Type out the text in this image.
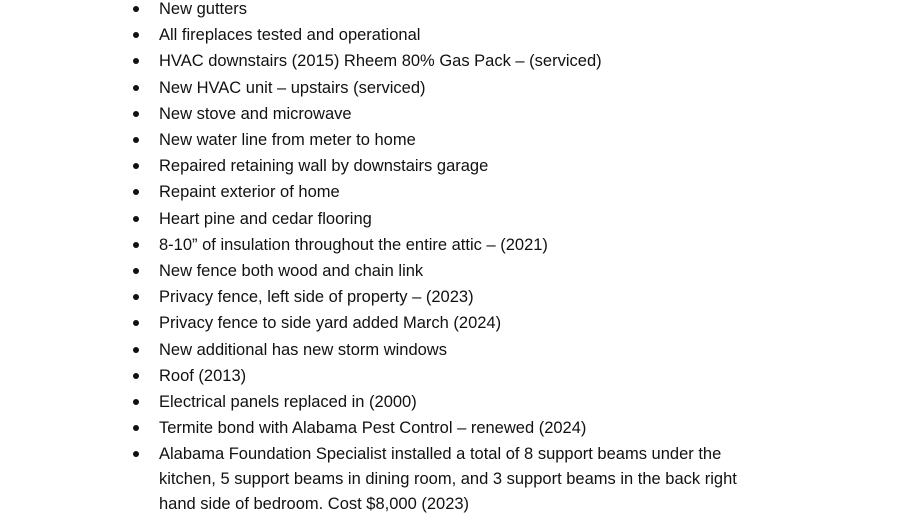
New gutters
All fireplaces tested and operational
HVAC downstairs (2015) Rheem 80% Gas Pack – (serviced)
New HVAC unit – upstairs (serviced)
New stove and microwave
New water line from meter to home
Repaired retaining wall by downstairs garage
Repaint exterior of home
Heart pine and cedar flooring
8-10” of insulation throughout the entire attic – (2021)
New fence both wood and chain link
Privacy fence, left side of property – (2023)
Privacy fence to side yard added March (2024)
New additional has new storm windows
Roof (2013)
Electrical panels replaced in (2000)
Termite bond with Alabama Pest Control – renewed (2024)
Alabama Foundation Specialist installed a total of 8 support beams under the kitchen, 5 support beams in dining room, and 3 support beams in the back right hand side of bedroom. Cost $8,000 (2023)
